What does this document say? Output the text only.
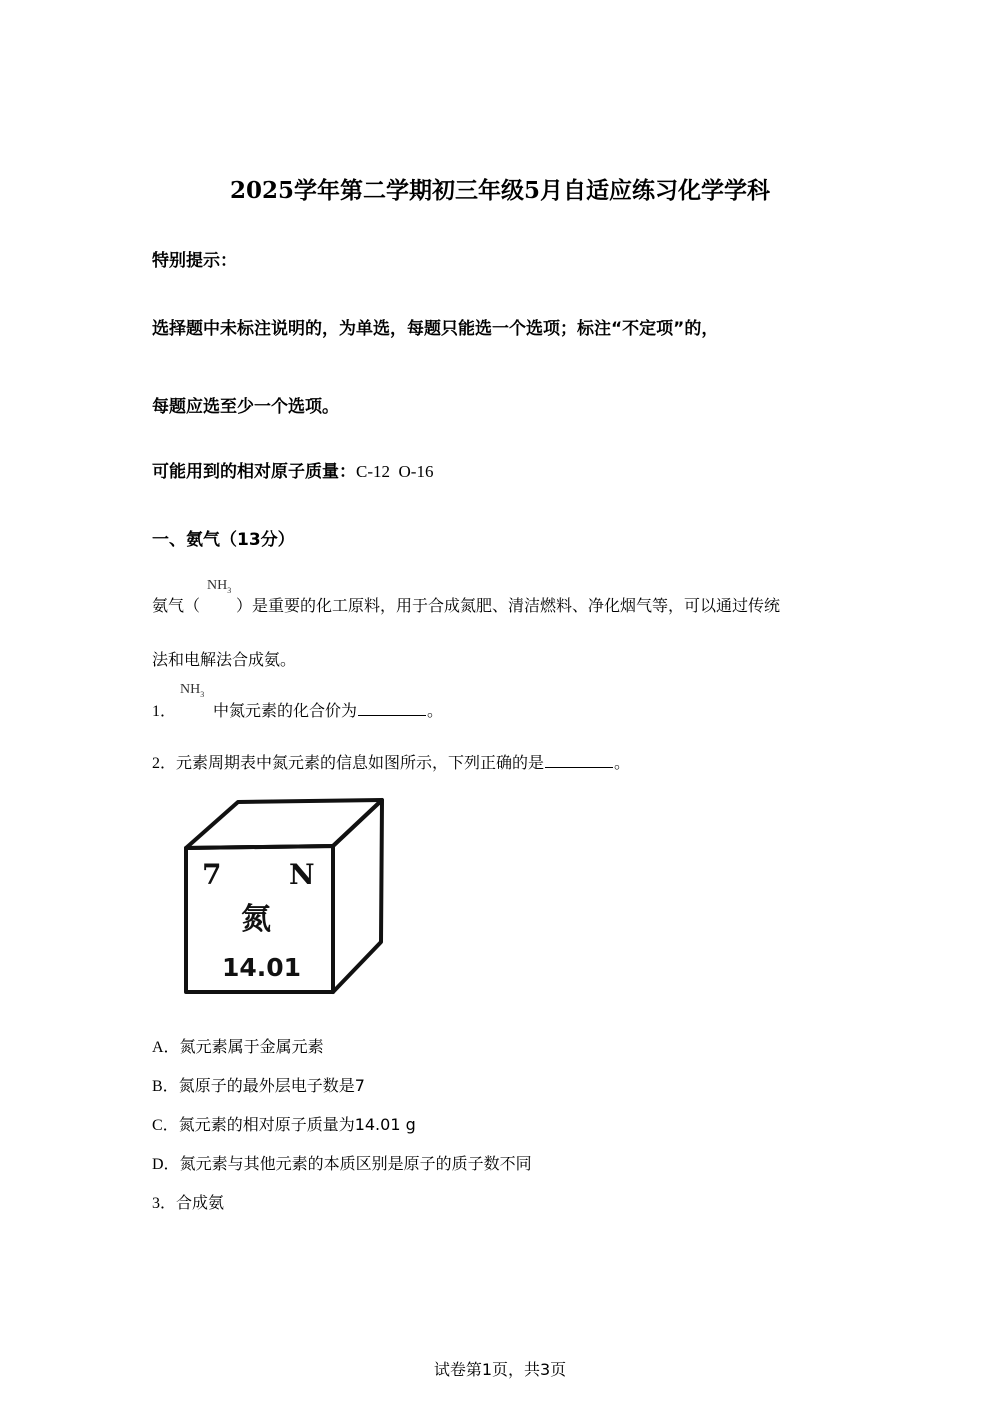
2025学年第二学期初三年级5月自适应练习化学学科
特别提示：
选择题中未标注说明的，为单选，每题只能选一个选项；标注“不定项”的，
每题应选至少一个选项。
可能用到的相对原子质量：C-12  O-16
一、氨气（13分）
氨气（ ）是重要的化工原料，用于合成氮肥、清洁燃料、净化烟气等，可以通过传统
$NH_3$
法和电解法合成氨。
1． 中氮元素的化合价为	。
$NH_3$
2．元素周期表中氮元素的信息如图所示，下列正确的是	。
7 N
氮
14.01
A．氮元素属于金属元素
B．氮原子的最外层电子数是7
C．氮元素的相对原子质量为14.01 g
D．氮元素与其他元素的本质区别是原子的质子数不同
3．合成氨
试卷第1页，共3页
